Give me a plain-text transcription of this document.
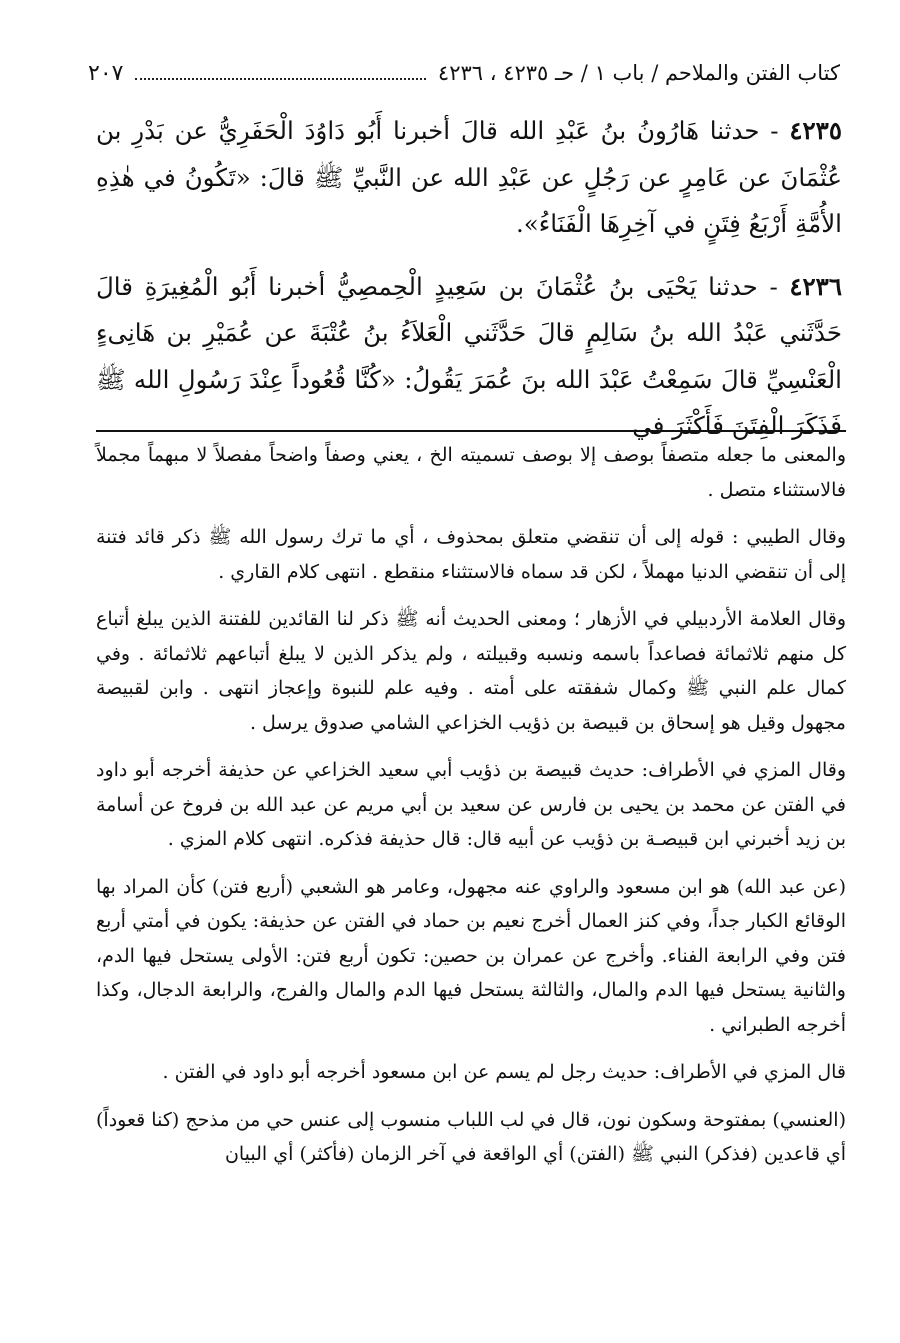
٢٠٧	كتاب الفتن والملاحم / باب ١ / حـ ٤٢٣٥ ، ٤٢٣٦

٤٢٣٥ - حدثنا هَارُونُ بنُ عَبْدِ الله قالَ أخبرنا أَبُو دَاوُدَ الْحَفَرِيُّ عن بَدْرِ بن عُثْمَانَ عن عَامِرٍ عن رَجُلٍ عن عَبْدِ الله عن النَّبيِّ ﷺ قالَ: «تَكُونُ في هٰذِهِ الأُمَّةِ أَرْبَعُ فِتَنٍ في آخِرِهَا الْفَنَاءُ».

٤٢٣٦ - حدثنا يَحْيَى بنُ عُثْمَانَ بن سَعِيدٍ الْحِمصِيُّ أخبرنا أَبُو الْمُغِيرَةِ قالَ حَدَّثَني عَبْدُ الله بنُ سَالِمٍ قالَ حَدَّثَني الْعَلاَءُ بنُ عُتْبَةَ عن عُمَيْرِ بن هَانِىءٍ الْعَنْسِيِّ قالَ سَمِعْتُ عَبْدَ الله بنَ عُمَرَ يَقُولُ: «كُنَّا قُعُوداً عِنْدَ رَسُولِ الله ﷺ فَذَكَرَ الْفِتَنَ فَأَكْثَرَ في

والمعنى ما جعله متصفاً بوصف إلا بوصف تسميته الخ ، يعني وصفاً واضحاً مفصلاً لا مبهماً مجملاً فالاستثناء متصل .

وقال الطيبي : قوله إلى أن تنقضي متعلق بمحذوف ، أي ما ترك رسول الله ﷺ ذكر قائد فتنة إلى أن تنقضي الدنيا مهملاً ، لكن قد سماه فالاستثناء منقطع . انتهى كلام القاري .

وقال العلامة الأردبيلي في الأزهار ؛ ومعنى الحديث أنه ﷺ ذكر لنا القائدين للفتنة الذين يبلغ أتباع كل منهم ثلاثمائة فصاعداً باسمه ونسبه وقبيلته ، ولم يذكر الذين لا يبلغ أتباعهم ثلاثمائة . وفي كمال علم النبي ﷺ وكمال شفقته على أمته . وفيه علم للنبوة وإعجاز انتهى . وابن لقبيصة مجهول وقيل هو إسحاق بن قبيصة بن ذؤيب الخزاعي الشامي صدوق يرسل .

وقال المزي في الأطراف: حديث قبيصة بن ذؤيب أبي سعيد الخزاعي عن حذيفة أخرجه أبو داود في الفتن عن محمد بن يحيى بن فارس عن سعيد بن أبي مريم عن عبد الله بن فروخ عن أسامة بن زيد أخبرني ابن قبيصـة بن ذؤيب عن أبيه قال: قال حذيفة فذكره. انتهى كلام المزي .

(عن عبد الله) هو ابن مسعود والراوي عنه مجهول، وعامر هو الشعبي (أربع فتن) كأن المراد بها الوقائع الكبار جداً، وفي كنز العمال أخرج نعيم بن حماد في الفتن عن حذيفة: يكون في أمتي أربع فتن وفي الرابعة الفناء. وأخرج عن عمران بن حصين: تكون أربع فتن: الأولى يستحل فيها الدم، والثانية يستحل فيها الدم والمال، والثالثة يستحل فيها الدم والمال والفرج، والرابعة الدجال، وكذا أخرجه الطبراني .

قال المزي في الأطراف: حديث رجل لم يسم عن ابن مسعود أخرجه أبو داود في الفتن .

(العنسي) بمفتوحة وسكون نون، قال في لب اللباب منسوب إلى عنس حي من مذحج (كنا قعوداً) أي قاعدين (فذكر) النبي ﷺ (الفتن) أي الواقعة في آخر الزمان (فأكثر) أي البيان
